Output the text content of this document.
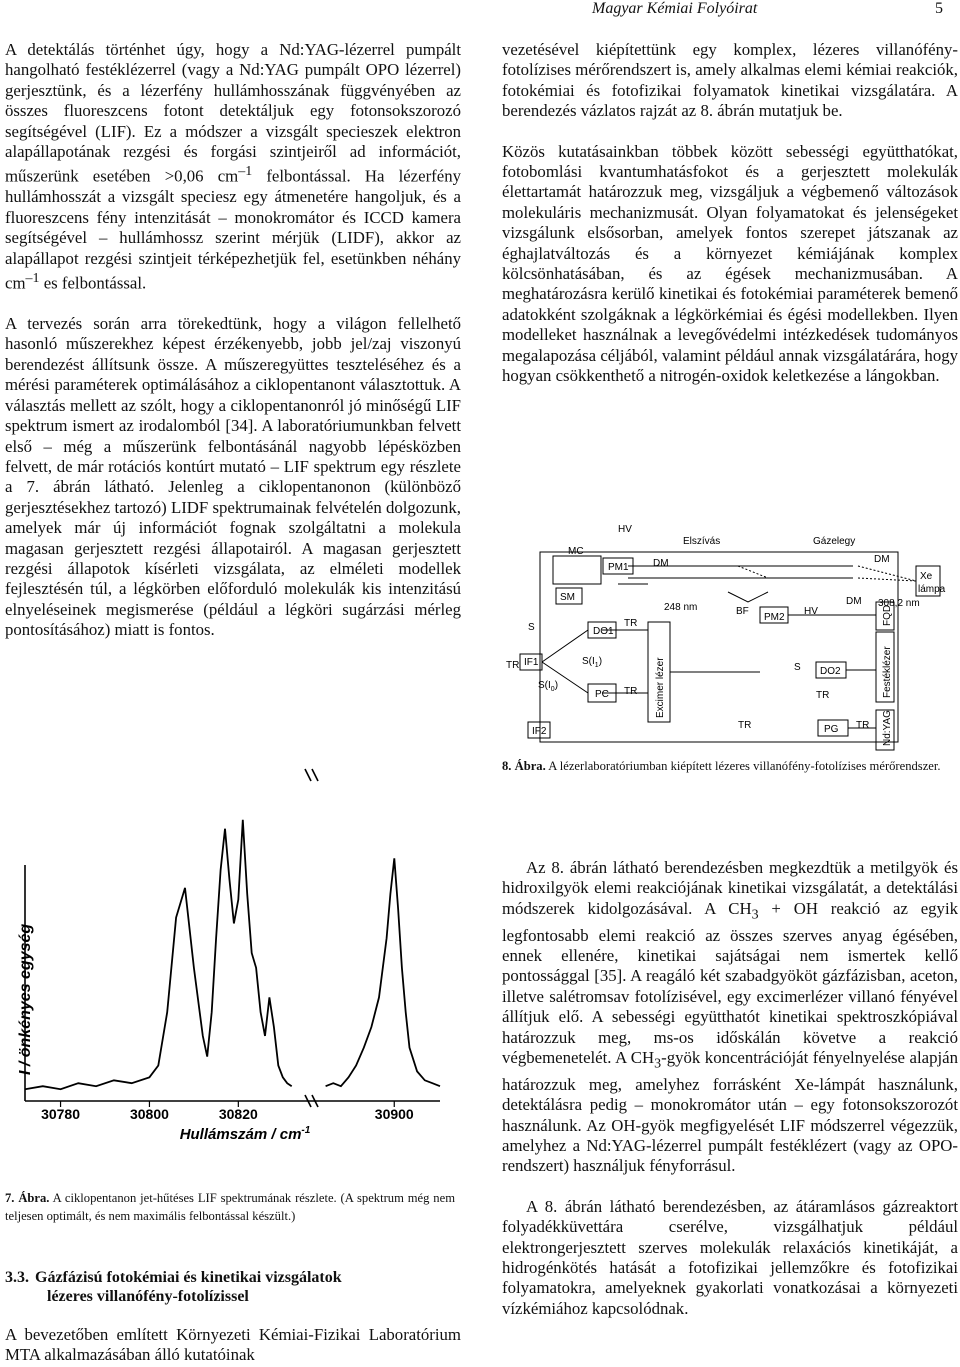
Magyar Kémiai Folyóirat	5

A detektálás történhet úgy, hogy a Nd:YAG-lézerrel pumpált hangolható festéklézerrel (vagy a Nd:YAG pumpált OPO lézerrel) gerjesztünk, és a lézerfény hullámhosszának függvényében az összes fluoreszcens fotont detektáljuk egy fotonsokszorozó segítségével (LIF). Ez a módszer a vizsgált specieszek elektron alapállapotának rezgési és forgási szintjeiről ad információt, műszerünk esetében >0,06 $cm^{-1}$ felbontással. Ha lézerfény hullámhosszát a vizsgált speciesz egy átmenetére hangoljuk, és a fluoreszcens fény intenzitását – monokromátor és ICCD kamera segítségével – hullámhossz szerint mérjük (LIDF), akkor az alapállapot rezgési szintjeit térképezhetjük fel, esetünkben néhány $cm^{-1}$ es felbontással.

A tervezés során arra törekedtünk, hogy a világon fellelhető hasonló műszerekhez képest érzékenyebb, jobb jel/zaj viszonyú berendezést állítsunk össze. A műszeregyüttes teszteléséhez és a mérési paraméterek optimálásához a ciklopentanont választottuk. A választás mellett az szólt, hogy a ciklopentanonról jó minőségű LIF spektrum ismert az irodalomból [34]. A laboratóriumunkban felvett első – még a műszerünk felbontásánál nagyobb lépésközben felvett, de már rotációs kontúrt mutató – LIF spektrum egy részlete a 7. ábrán látható. Jelenleg a ciklopentanonon (különböző gerjesztésekhez tartozó) LIDF spektrumainak felvételén dolgozunk, amelyek már új információt fognak szolgáltatni a molekula magasan gerjesztett rezgési állapotairól. A magasan gerjesztett rezgési állapotok kísérleti vizsgálata, az elméleti modellek fejlesztésén túl, a légkörben előforduló molekulák kis intenzitású elnyeléseinek megismerése (például a légköri sugárzási mérleg pontosításához) miatt is fontos.

vezetésével kiépítettünk egy komplex, lézeres villanófény-fotolízises mérőrendszert is, amely alkalmas elemi kémiai reakciók, fotokémiai és fotofizikai folyamatok kinetikai vizsgálatára. A berendezés vázlatos rajzát az 8. ábrán mutatjuk be.

Közös kutatásainkban többek között sebességi együtthatókat, fotobomlási kvantumhatásfokot és a gerjesztett molekulák élettartamát határozzuk meg, vizsgáljuk a végbemenő változások molekuláris mechanizmusát. Olyan folyamatokat és jelenségeket vizsgálunk elsősorban, amelyek fontos szerepet játszanak az éghajlatváltozás és a környezet kémiájának komplex kölcsönhatásában, és az égések mechanizmusában. A meghatározásra kerülő kinetikai és fotokémiai paraméterek bemenő adatokként szolgáknak a légkörkémiai és égési modellekben. Ilyen modelleket használnak a levegővédelmi intézkedések tudományos megalapozása céljából, valamint például annak vizsgálatárára, hogy hogyan csökkenthető a nitrogén-oxidok keletkezése a lángokban.

HV
Elszívás	Gázelegy
MC
PM1 DM	DM
DM
SM
248 nm	308,2 nm
Xe
lámpa
S	DO1
TR
Excimer lézer
BF
PM2
HV	FQD
TR IF1	$S(I_1)$
$S(I_0)$
PC TR
S DO2	Festéklézer
TR
IF2
TR	PG TR Nd:YAG
8. Ábra. A lézerlaboratóriumban kiépített lézeres villanófény-fotolízises mérőrendszer.
30780	30800	30820	30900
Hullámszám / $cm^{-1}$
I / önkényes egység
7. Ábra. A ciklopentanon jet-hűtéses LIF spektrumának részlete. (A spektrum még nem teljesen optimált, és nem maximális felbontással készült.)
3.3. Gázfázisú fotokémiai és kinetikai vizsgálatok
lézeres villanófény-fotolízissel
A bevezetőben említett Környezeti Kémiai-Fizikai Laboratórium MTA alkalmazásában álló kutatóinak

Az 8. ábrán látható berendezésben megkezdtük a metilgyök és hidroxilgyök elemi reakciójának kinetikai vizsgálatát, a detektálási módszerek kidolgozásával. A $CH_3$ + OH reakció az egyik legfontosabb elemi reakció az összes szerves anyag égésében, ennek ellenére, kinetikai sajátságai nem ismertek kellő pontossággal [35]. A reagáló két szabadgyököt gázfázisban, aceton, illetve salétromsav fotolízisével, egy excimerlézer villanó fényével állítjuk elő. A sebességi együtthatót kinetikai spektroszkópiával határozzuk meg, ms-os időskálán követve a reakció végbemenetelét. A $CH_3$-gyök koncentrációját fényelnyelése alapján határozzuk meg, amelyhez forrásként Xe-lámpát használunk, detektálásra pedig – monokromátor után – egy fotonsokszorozót használunk. Az OH-gyök megfigyelését LIF módszerrel végezzük, amelyhez a Nd:YAG-lézerrel pumpált festéklézert (vagy az OPO-rendszert) használjuk fényforrásul.

A 8. ábrán látható berendezésben, az átáramlásos gázreaktort folyadékküvettára cserélve, vizsgálhatjuk például elektrongerjesztett szerves molekulák relaxációs kinetikáját, a hidrogénkötés hatását a fotofizikai jellemzőkre és fotofizikai folyamatokra, amelyeknek gyakorlati vonatkozásai a környezeti vízkémiához kapcsolódnak.
